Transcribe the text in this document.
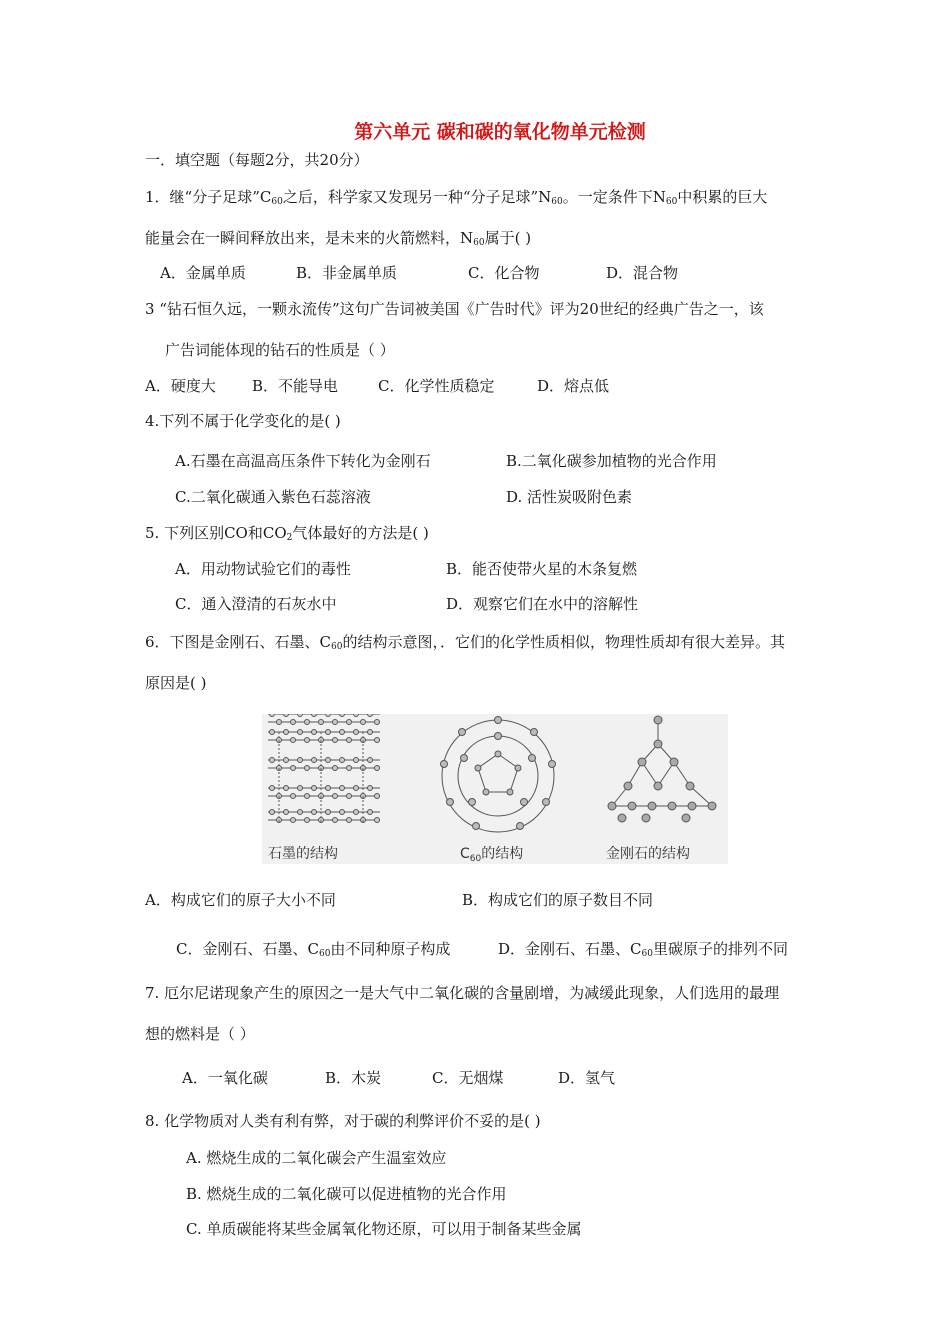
第六单元 碳和碳的氧化物单元检测
一．填空题（每题2分，共20分）
1．继“分子足球$”C_{60}$之后，科学家又发现另一种“分子足球$”N_{60}$。一定条件下$N_{60}$中积累的巨大
能量会在一瞬间释放出来，是未来的火箭燃料，$N_{60}$属于( )
A．金属单质	B．非金属单质	C．化合物	D．混合物
3 “钻石恒久远，一颗永流传”这句广告词被美国《广告时代》评为20世纪的经典广告之一，该
广告词能体现的钻石的性质是（ ）
A．硬度大 B．不能导电	C．化学性质稳定	D．熔点低
4.下列不属于化学变化的是( )
A.石墨在高温高压条件下转化为金刚石	B.二氧化碳参加植物的光合作用
C.二氧化碳通入紫色石蕊溶液	D. 活性炭吸附色素
5. 下列区别CO和$CO_2$气体最好的方法是( )
A．用动物试验它们的毒性	B．能否使带火星的木条复燃
C．通入澄清的石灰水中	D．观察它们在水中的溶解性
6．下图是金刚石、石墨、$C_{60}$的结构示意图，．它们的化学性质相似，物理性质却有很大差异。其
原因是( )
石墨的结构	$C_{60}$的结构	金刚石的结构
A．构成它们的原子大小不同	B．构成它们的原子数目不同
C．金刚石、石墨、$C_{60}$由不同种原子构成	D．金刚石、石墨、$C_{60}$里碳原子的排列不同
7. 厄尔尼诺现象产生的原因之一是大气中二氧化碳的含量剧增，为减缓此现象，人们选用的最理
想的燃料是（ ）
A．一氧化碳	B．木炭	C．无烟煤	D．氢气
8. 化学物质对人类有利有弊，对于碳的利弊评价不妥的是( )
A. 燃烧生成的二氧化碳会产生温室效应
B. 燃烧生成的二氧化碳可以促进植物的光合作用
C. 单质碳能将某些金属氧化物还原，可以用于制备某些金属
